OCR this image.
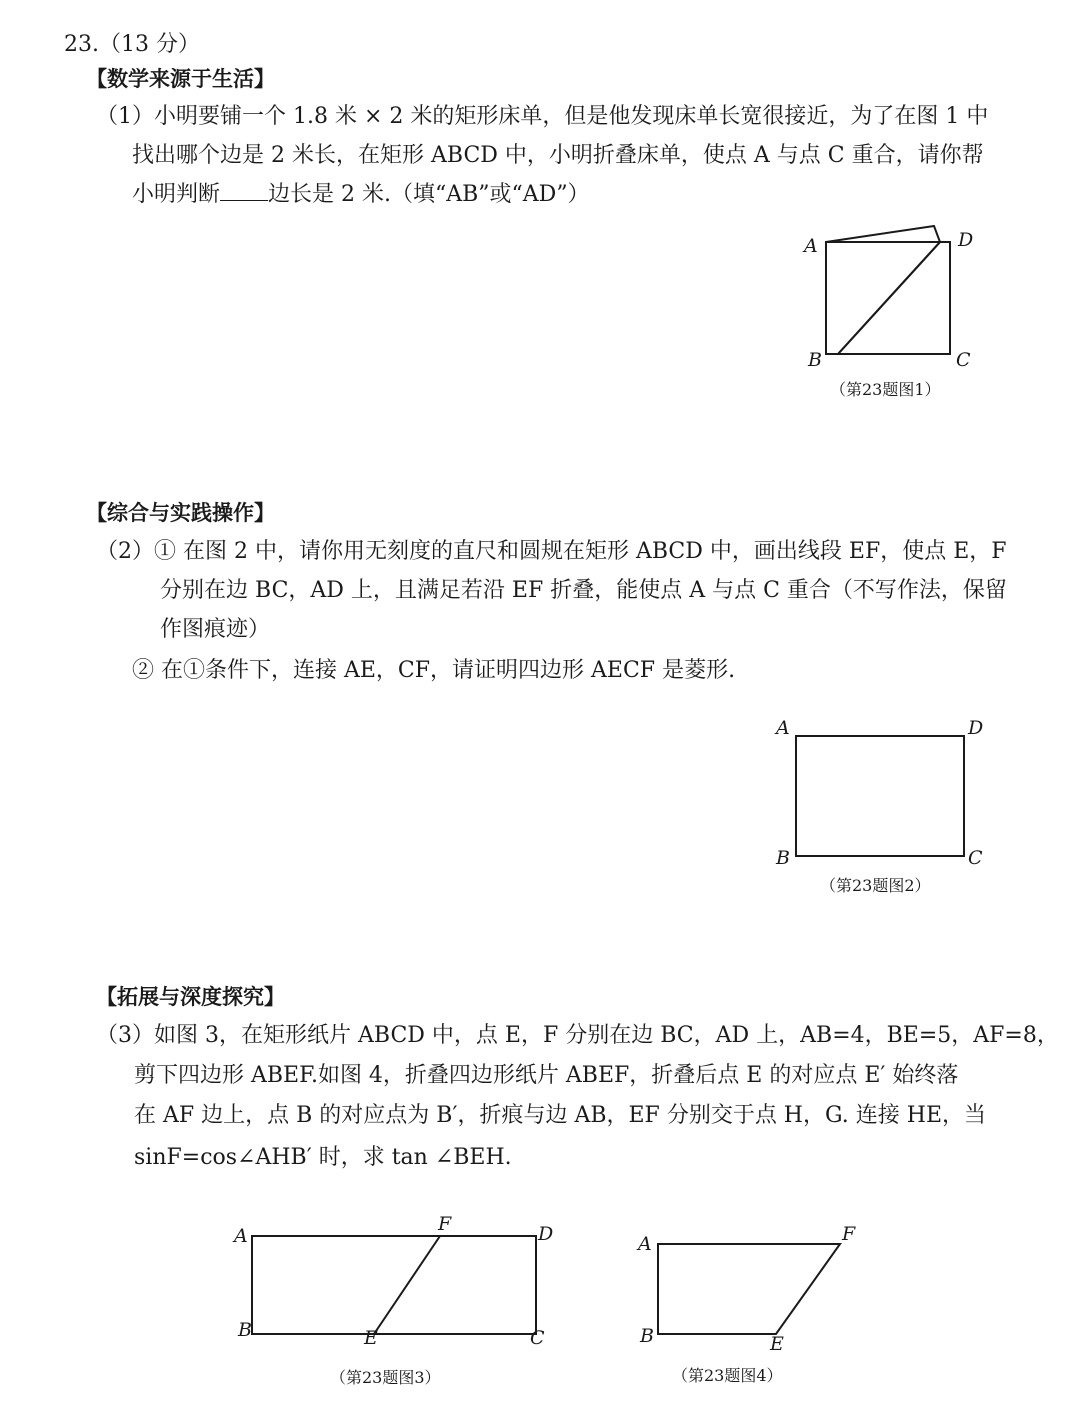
23.（13 分）
【数学来源于生活】
（1）小明要铺一个 1.8 米 × 2 米的矩形床单，但是他发现床单长宽很接近，为了在图 1 中
找出哪个边是 2 米长，在矩形 ABCD 中，小明折叠床单，使点 A 与点 C 重合，请你帮
小明判断 边长是 2 米.（填“AB”或“AD”）
A	D
B	C
（第23题图1）
【综合与实践操作】
（2）① 在图 2 中，请你用无刻度的直尺和圆规在矩形 ABCD 中，画出线段 EF，使点 E，F
分别在边 BC，AD 上，且满足若沿 EF 折叠，能使点 A 与点 C 重合（不写作法，保留
作图痕迹）
② 在①条件下，连接 AE，CF，请证明四边形 AECF 是菱形.
A	D
B	C
（第23题图2）
【拓展与深度探究】
（3）如图 3，在矩形纸片 ABCD 中，点 E，F 分别在边 BC，AD 上，AB=4，BE=5，AF=8，
剪下四边形 ABEF.如图 4，折叠四边形纸片 ABEF，折叠后点 E 的对应点 E′ 始终落
在 AF 边上，点 B 的对应点为 B′，折痕与边 AB，EF 分别交于点 H，G. 连接 HE，当
sinF=cos∠AHB′ 时，求 tan ∠BEH.
A
F	D
B	E	C
（第23题图3）
A	F
B	E
（第23题图4）
